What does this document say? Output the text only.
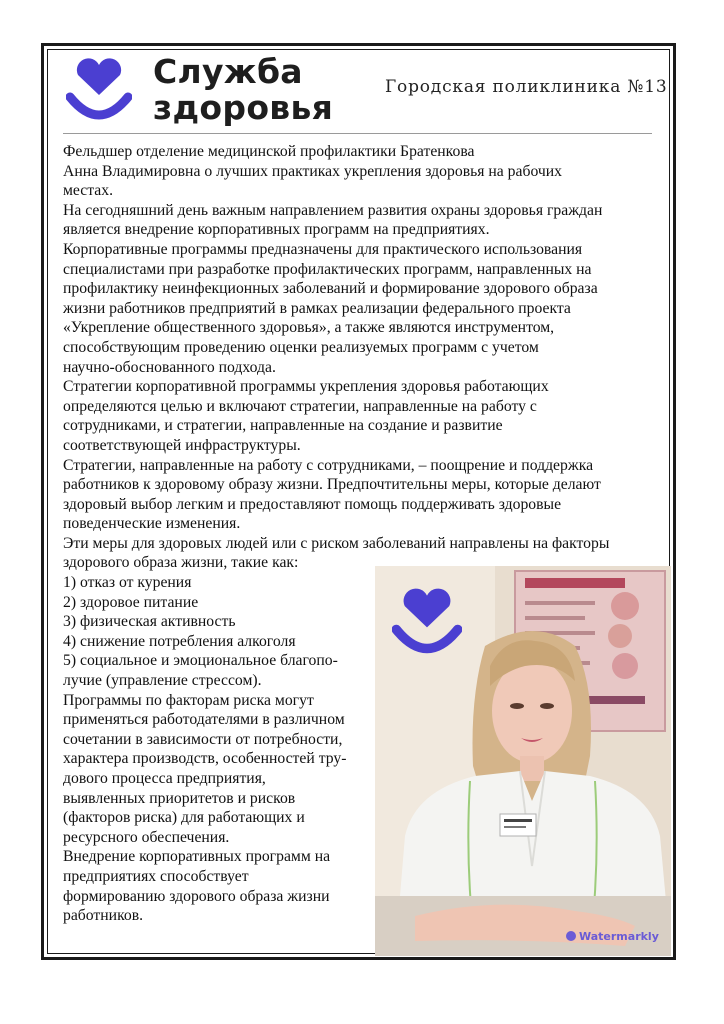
Служба
здоровья
Городская поликлиника №13

Фельдшер отделение медицинской профилактики Братенкова

Анна Владимировна о лучших практиках укрепления здоровья на рабочих

местах.

На сегодняшний день важным направлением развития охраны здоровья граждан

является внедрение корпоративных программ на предприятиях.

Корпоративные программы предназначены для практического использования

специалистами при разработке профилактических программ, направленных на

профилактику неинфекционных заболеваний и формирование здорового образа

жизни работников предприятий в рамках реализации федерального проекта

«Укрепление общественного здоровья», а также являются инструментом,

способствующим проведению оценки реализуемых программ с учетом

научно-обоснованного подхода.

Стратегии корпоративной программы укрепления здоровья работающих

определяются целью и включают стратегии, направленные на работу с

сотрудниками, и стратегии, направленные на создание и развитие

соответствующей инфраструктуры.

Стратегии, направленные на работу с сотрудниками, – поощрение и поддержка

работников к здоровому образу жизни. Предпочтительны меры, которые делают

здоровый выбор легким и предоставляют помощь поддерживать здоровые

поведенческие изменения.

Эти меры для здоровых людей или с риском заболеваний направлены на факторы

здорового образа жизни, такие как:

1) отказ от курения

2) здоровое питание

3) физическая активность

4) снижение потребления алкоголя

5) социальное и эмоциональное благопо-

лучие (управление стрессом).

Программы по факторам риска могут

применяться работодателями в различном

сочетании в зависимости от потребности,

характера производств, особенностей тру-

дового процесса предприятия,

выявленных приоритетов и рисков

(факторов риска) для работающих и

ресурсного обеспечения.

Внедрение корпоративных программ на

предприятиях способствует

формированию здорового образа жизни

работников.

Watermarkly
